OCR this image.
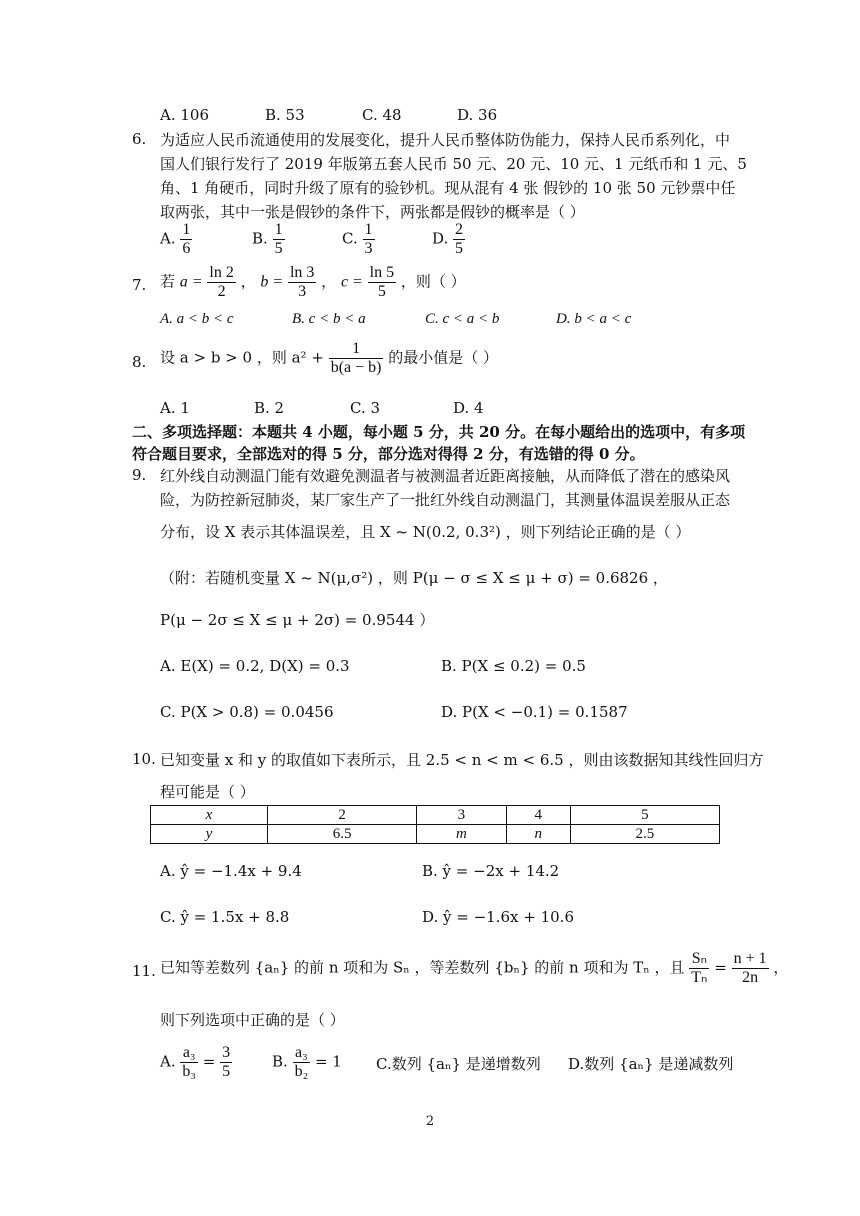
A. 106	B. 53	C. 48	D. 36
6. 为适应人民币流通使用的发展变化，提升人民币整体防伪能力，保持人民币系列化，中
国人们银行发行了 2019 年版第五套人民币 50 元、20 元、10 元、1 元纸币和 1 元、5
角、1 角硬币，同时升级了原有的验钞机。现从混有 4 张 假钞的 10 张 50 元钞票中任
取两张，其中一张是假钞的条件下，两张都是假钞的概率是（ ）
A. $\frac{1}{6}$	B. $\frac{1}{5}$	C. $\frac{1}{3}$	D. $\frac{2}{5}$
7. 若 $a = \frac{\ln 2}{2}$ ， $b = \frac{\ln 3}{3}$ ， $c = \frac{\ln 5}{5}$ ，则（ ）
A. a < b < c	B. c < b < a	C. c < a < b	D. b < a < c
8. 设 a > b > 0 ，则 $a^2 + \frac{1}{b(a - b)}$ 的最小值是（ ）
A. 1	B. 2	C. 3	D. 4
二、多项选择题：本题共 4 小题，每小题 5 分，共 20 分。在每小题给出的选项中，有多项
符合题目要求，全部选对的得 5 分，部分选对得得 2 分，有选错的得 0 分。
9. 红外线自动测温门能有效避免测温者与被测温者近距离接触，从而降低了潜在的感染风
险，为防控新冠肺炎，某厂家生产了一批红外线自动测温门，其测量体温误差服从正态
分布，设 X 表示其体温误差，且 X ~ N(0.2, 0.3²) ，则下列结论正确的是（ ）
（附：若随机变量 X ~ N(μ,σ²) ，则 P(μ − σ ≤ X ≤ μ + σ) = 0.6826 ，
P(μ − 2σ ≤ X ≤ μ + 2σ) = 0.9544 ）
A. E(X) = 0.2, D(X) = 0.3	B. P(X ≤ 0.2) = 0.5
C. P(X > 0.8) = 0.0456	D. P(X < −0.1) = 0.1587
10. 已知变量 x 和 y 的取值如下表所示，且 2.5 < n < m < 6.5 ，则由该数据知其线性回归方
程可能是（ ）
x	2	3	4	5
y	6.5	m	n	2.5
A. ŷ = −1.4x + 9.4	B. ŷ = −2x + 14.2
C. ŷ = 1.5x + 8.8	D. ŷ = −1.6x + 10.6
11. 已知等差数列 {aₙ} 的前 n 项和为 Sₙ ，等差数列 {bₙ} 的前 n 项和为 Tₙ ，且 $\frac{\text{Sₙ}}{\text{Tₙ}} = \frac{n + 1}{2n}$ ，
则下列选项中正确的是（ ）
A. $\frac{\text{a₃}}{\text{b₃}} = \frac{3}{5}$	B. $\frac{\text{a₃}}{\text{b₂}} = 1$ C.数列 {aₙ} 是递增数列 D.数列 {aₙ} 是递减数列
2
